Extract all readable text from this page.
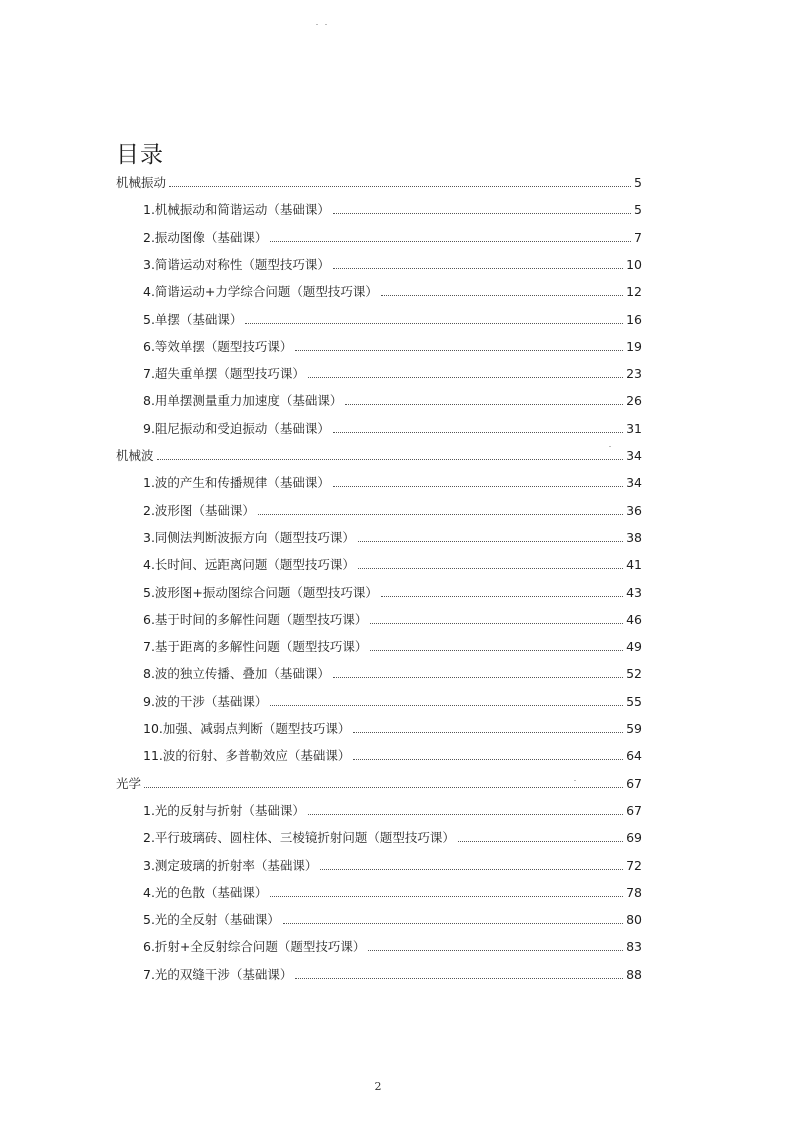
目录
机械振动	5
1.机械振动和简谐运动（基础课）	5
2.振动图像（基础课）	7
3.简谐运动对称性（题型技巧课）	10
4.简谐运动+力学综合问题（题型技巧课）	12
5.单摆（基础课）	16
6.等效单摆（题型技巧课）	19
7.超失重单摆（题型技巧课）	23
8.用单摆测量重力加速度（基础课）	26
9.阻尼振动和受迫振动（基础课）	31
机械波	34
1.波的产生和传播规律（基础课）	34
2.波形图（基础课）	36
3.同侧法判断波振方向（题型技巧课）	38
4.长时间、远距离问题（题型技巧课）	41
5.波形图+振动图综合问题（题型技巧课）	43
6.基于时间的多解性问题（题型技巧课）	46
7.基于距离的多解性问题（题型技巧课）	49
8.波的独立传播、叠加（基础课）	52
9.波的干涉（基础课）	55
10.加强、减弱点判断（题型技巧课）	59
11.波的衍射、多普勒效应（基础课）	64
光学	67
1.光的反射与折射（基础课）	67
2.平行玻璃砖、圆柱体、三棱镜折射问题（题型技巧课）	69
3.测定玻璃的折射率（基础课）	72
4.光的色散（基础课）	78
5.光的全反射（基础课）	80
6.折射+全反射综合问题（题型技巧课）	83
7.光的双缝干涉（基础课）	88
2
